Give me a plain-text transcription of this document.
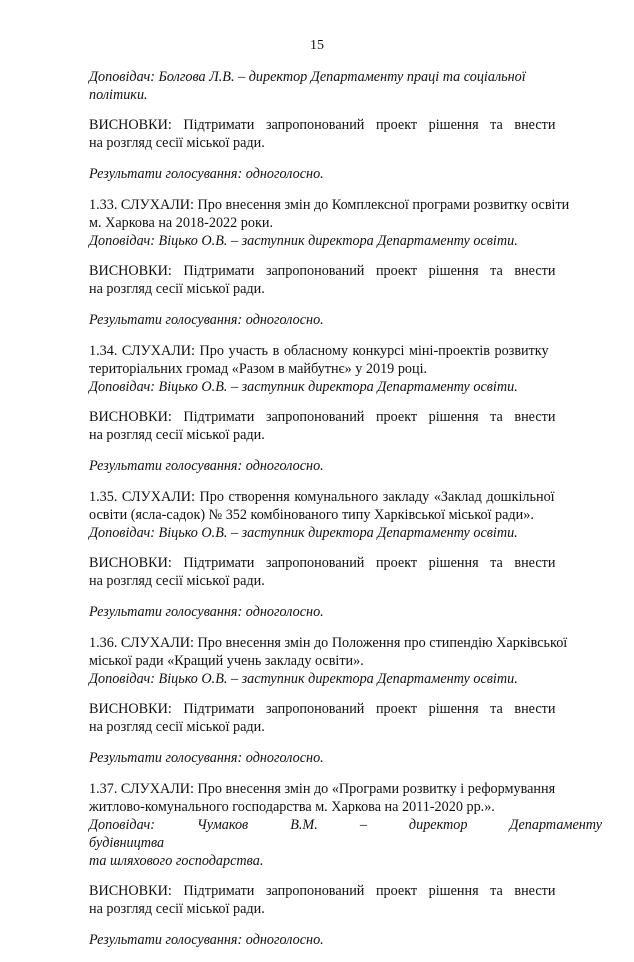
15
Доповідач: Болгова Л.В. – директор Департаменту праці та соціальної
політики.
ВИСНОВКИ: Підтримати запропонований проект рішення та внести
на розгляд сесії міської ради.
Результати голосування: одноголосно.
1.33. СЛУХАЛИ: Про внесення змін до Комплексної програми розвитку освіти
м. Харкова на 2018-2022 роки.
Доповідач: Віцько О.В. – заступник директора Департаменту освіти.
ВИСНОВКИ: Підтримати запропонований проект рішення та внести
на розгляд сесії міської ради.
Результати голосування: одноголосно.
1.34. СЛУХАЛИ: Про участь в обласному конкурсі міні-проектів розвитку
територіальних громад «Разом в майбутнє» у 2019 році.
Доповідач: Віцько О.В. – заступник директора Департаменту освіти.
ВИСНОВКИ: Підтримати запропонований проект рішення та внести
на розгляд сесії міської ради.
Результати голосування: одноголосно.
1.35. СЛУХАЛИ: Про створення комунального закладу «Заклад дошкільної
освіти (ясла-садок) № 352 комбінованого типу Харківської міської ради».
Доповідач: Віцько О.В. – заступник директора Департаменту освіти.
ВИСНОВКИ: Підтримати запропонований проект рішення та внести
на розгляд сесії міської ради.
Результати голосування: одноголосно.
1.36. СЛУХАЛИ: Про внесення змін до Положення про стипендію Харківської
міської ради «Кращий учень закладу освіти».
Доповідач: Віцько О.В. – заступник директора Департаменту освіти.
ВИСНОВКИ: Підтримати запропонований проект рішення та внести
на розгляд сесії міської ради.
Результати голосування: одноголосно.
1.37. СЛУХАЛИ: Про внесення змін до «Програми розвитку і реформування
житлово-комунального господарства м. Харкова на 2011-2020 рр.».
Доповідач: Чумаков В.М. – директор Департаменту будівництва
та шляхового господарства.
ВИСНОВКИ: Підтримати запропонований проект рішення та внести
на розгляд сесії міської ради.
Результати голосування: одноголосно.
